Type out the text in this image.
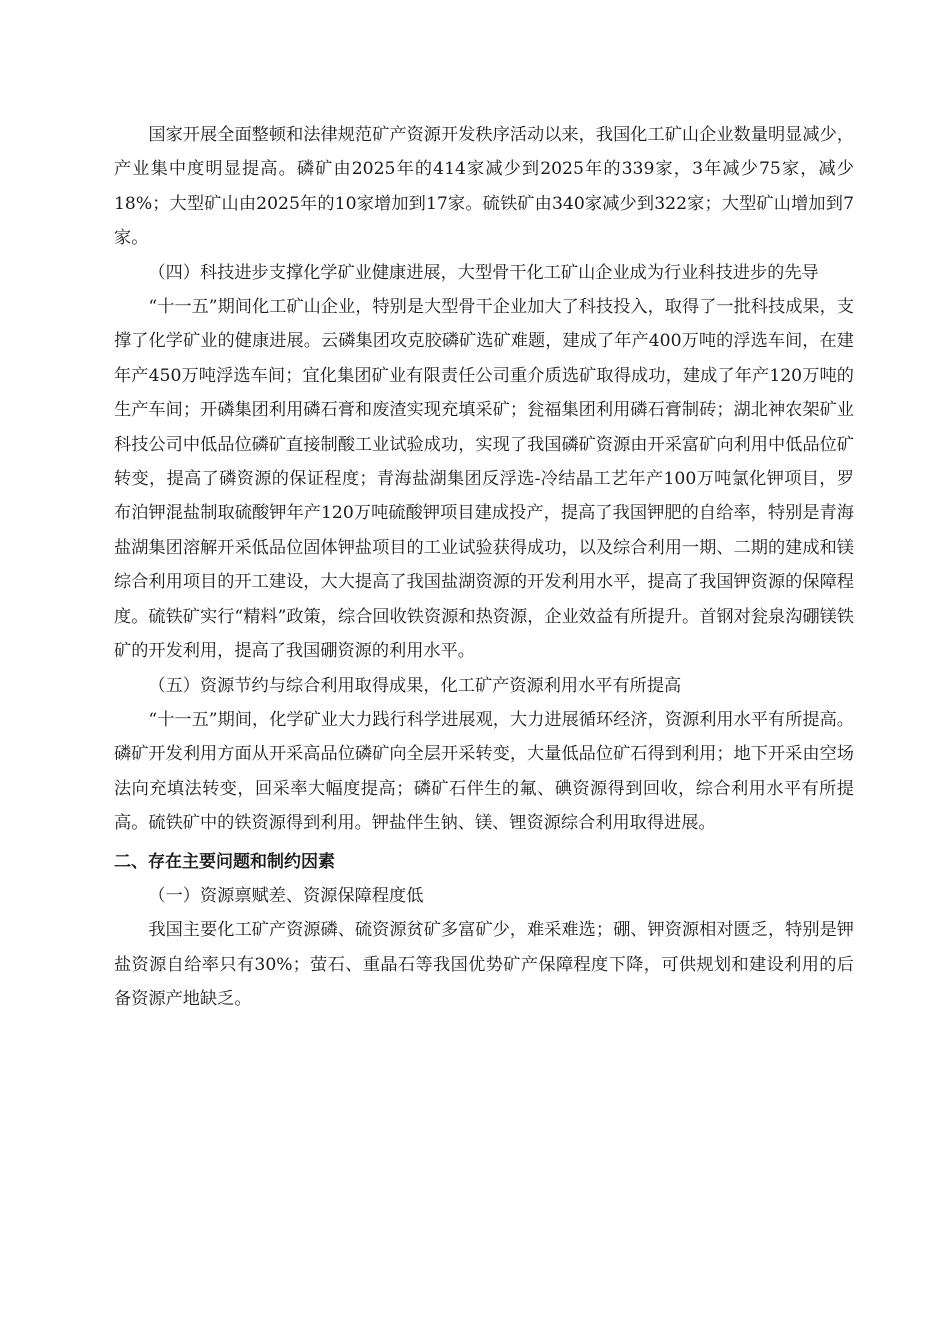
国家开展全面整顿和法律规范矿产资源开发秩序活动以来，我国化工矿山企业数量明显减少，产业集中度明显提高。磷矿由2025年的414家减少到2025年的339家，3年减少75家，减少18%；大型矿山由2025年的10家增加到17家。硫铁矿由340家减少到322家；大型矿山增加到7家。

（四）科技进步支撑化学矿业健康进展，大型骨干化工矿山企业成为行业科技进步的先导

“十一五”期间化工矿山企业，特别是大型骨干企业加大了科技投入，取得了一批科技成果，支撑了化学矿业的健康进展。云磷集团攻克胶磷矿选矿难题，建成了年产400万吨的浮选车间，在建年产450万吨浮选车间；宜化集团矿业有限责任公司重介质选矿取得成功，建成了年产120万吨的生产车间；开磷集团利用磷石膏和废渣实现充填采矿；瓮福集团利用磷石膏制砖；湖北神农架矿业科技公司中低品位磷矿直接制酸工业试验成功，实现了我国磷矿资源由开采富矿向利用中低品位矿转变，提高了磷资源的保证程度；青海盐湖集团反浮选-冷结晶工艺年产100万吨氯化钾项目，罗布泊钾混盐制取硫酸钾年产120万吨硫酸钾项目建成投产，提高了我国钾肥的自给率，特别是青海盐湖集团溶解开采低品位固体钾盐项目的工业试验获得成功，以及综合利用一期、二期的建成和镁综合利用项目的开工建设，大大提高了我国盐湖资源的开发利用水平，提高了我国钾资源的保障程度。硫铁矿实行“精料”政策，综合回收铁资源和热资源，企业效益有所提升。首钢对瓮泉沟硼镁铁矿的开发利用，提高了我国硼资源的利用水平。

（五）资源节约与综合利用取得成果，化工矿产资源利用水平有所提高

“十一五”期间，化学矿业大力践行科学进展观，大力进展循环经济，资源利用水平有所提高。磷矿开发利用方面从开采高品位磷矿向全层开采转变，大量低品位矿石得到利用；地下开采由空场法向充填法转变，回采率大幅度提高；磷矿石伴生的氟、碘资源得到回收，综合利用水平有所提高。硫铁矿中的铁资源得到利用。钾盐伴生钠、镁、锂资源综合利用取得进展。

二、存在主要问题和制约因素

（一）资源禀赋差、资源保障程度低

我国主要化工矿产资源磷、硫资源贫矿多富矿少，难采难选；硼、钾资源相对匮乏，特别是钾盐资源自给率只有30%；萤石、重晶石等我国优势矿产保障程度下降，可供规划和建设利用的后备资源产地缺乏。
